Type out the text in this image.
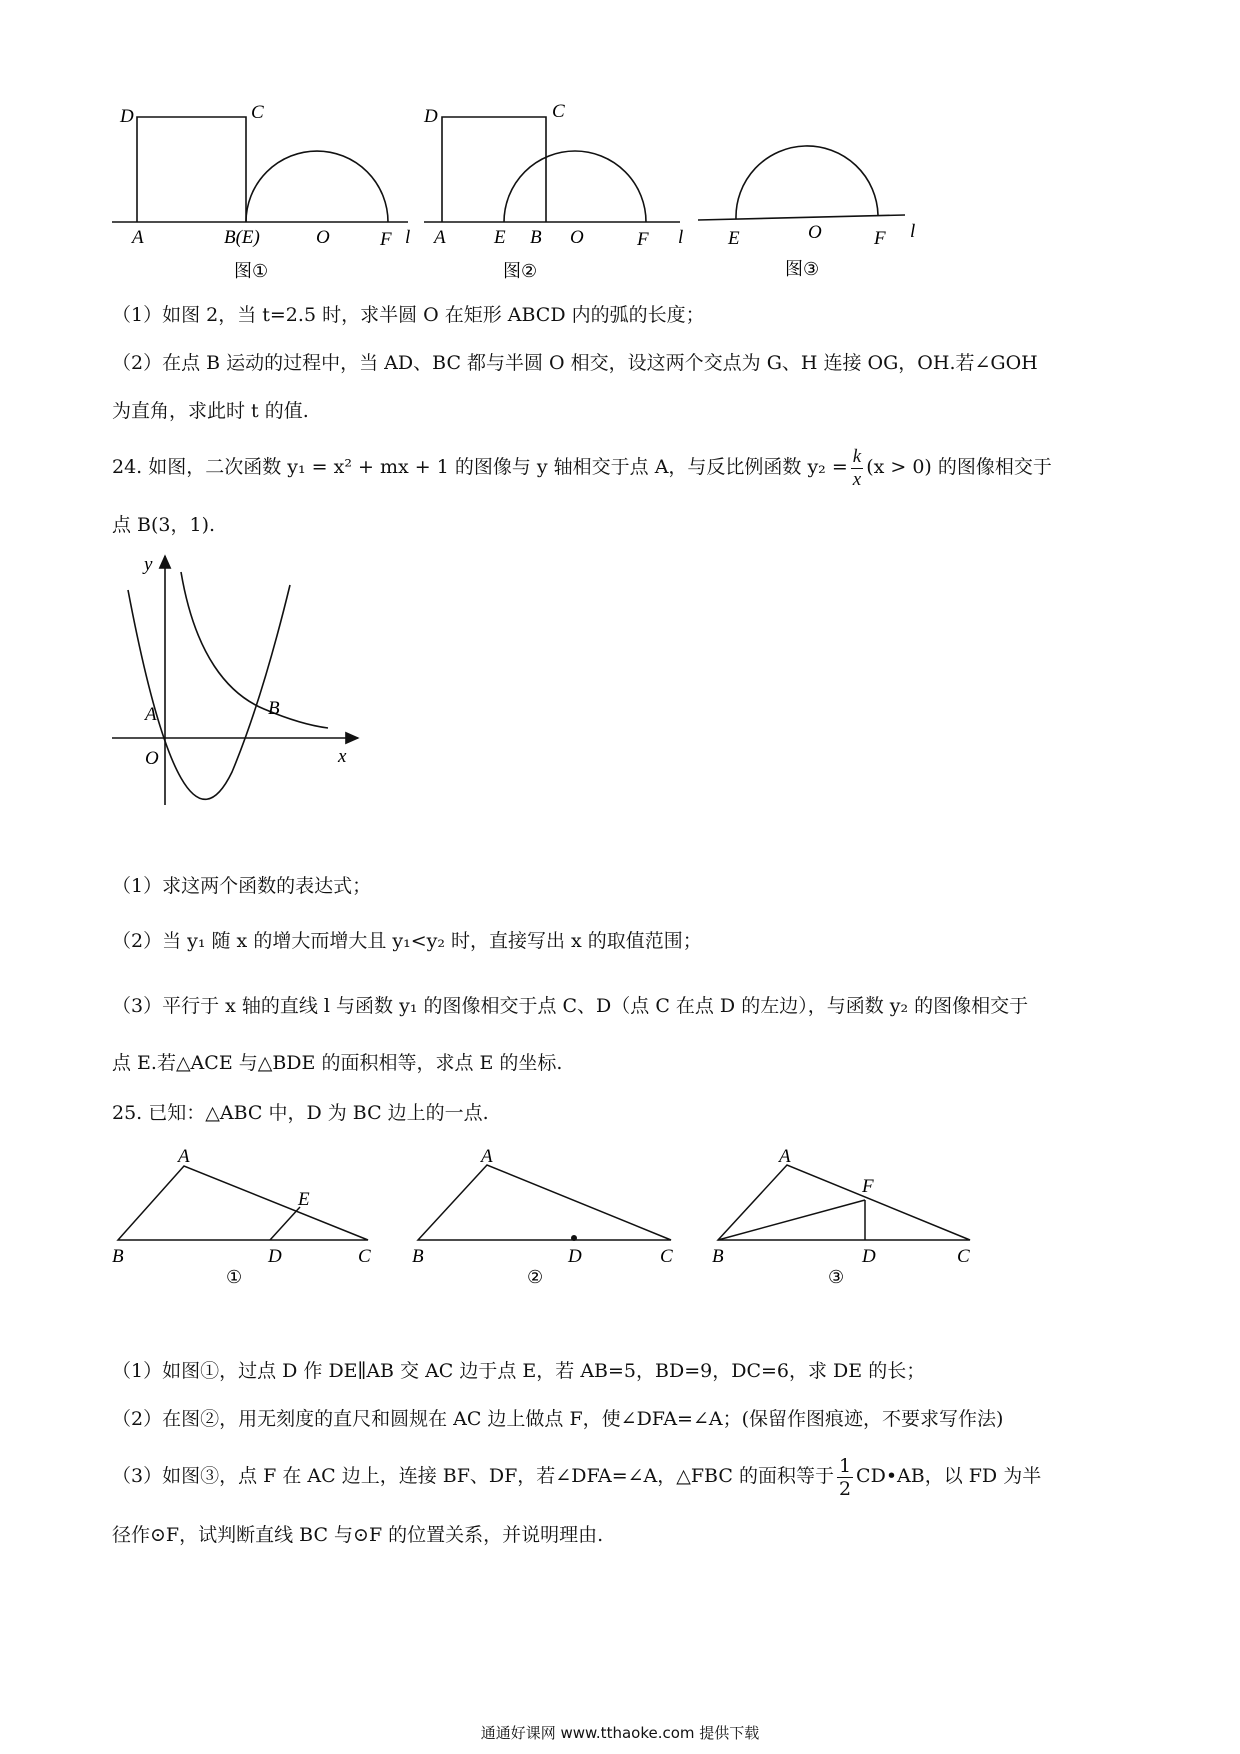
D	C
A	B(E)	O	F l
图①
D	C
A	E B O	F l
图②
E	O	F l
图③
（1）如图 2，当 t=2.5 时，求半圆 O 在矩形 ABCD 内的弧的长度；
（2）在点 B 运动的过程中，当 AD、BC 都与半圆 O 相交，设这两个交点为 G、H 连接 OG，OH.若∠GOH
为直角，求此时 t 的值.
24. 如图，二次函数 y₁ = x² + mx + 1 的图像与 y 轴相交于点 A，与反比例函数 $y_2 = \frac{k}{x} (x > 0)$ 的图像相交于
点 B(3，1).
y
x
A	B
O
（1）求这两个函数的表达式；
（2）当 y₁ 随 x 的增大而增大且 y₁<y₂ 时，直接写出 x 的取值范围；
（3）平行于 x 轴的直线 l 与函数 y₁ 的图像相交于点 C、D（点 C 在点 D 的左边），与函数 y₂ 的图像相交于
点 E.若△ACE 与△BDE 的面积相等，求点 E 的坐标.
25. 已知：△ABC 中，D 为 BC 边上的一点.
A
B	D	C
E
①
A
B	D	C
②
A
B	D	C
F
③
（1）如图①，过点 D 作 DE∥AB 交 AC 边于点 E，若 AB=5，BD=9，DC=6，求 DE 的长；
（2）在图②，用无刻度的直尺和圆规在 AC 边上做点 F，使∠DFA=∠A；(保留作图痕迹，不要求写作法)
（3）如图③，点 F 在 AC 边上，连接 BF、DF，若∠DFA=∠A，△FBC 的面积等于 $\frac{1}{2}$ CD•AB，以 FD 为半
径作⊙F，试判断直线 BC 与⊙F 的位置关系，并说明理由.
通通好课网 www.tthaoke.com 提供下载
